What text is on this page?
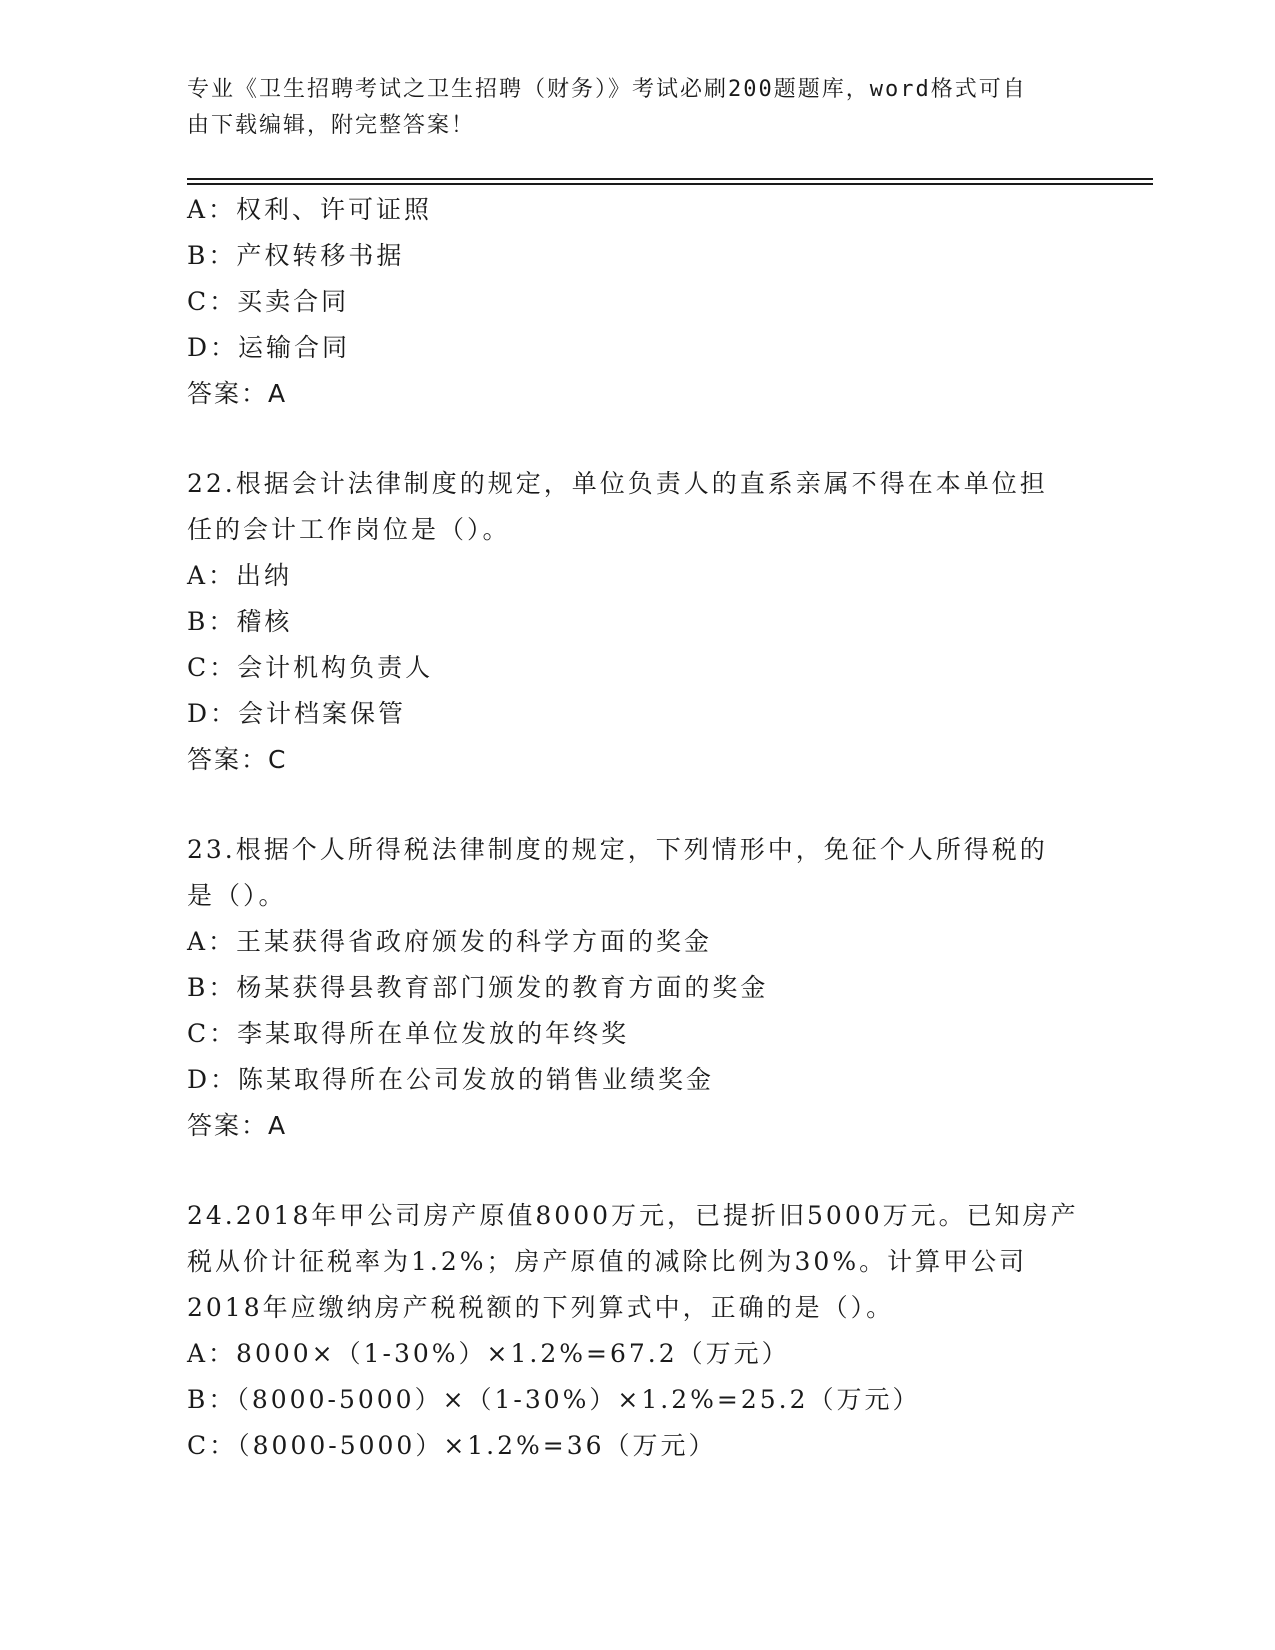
专业《卫生招聘考试之卫生招聘（财务）》考试必刷200题题库，word格式可自
由下载编辑，附完整答案！
A：权利、许可证照
B：产权转移书据
C：买卖合同
D：运输合同
答案：A
22.根据会计法律制度的规定，单位负责人的直系亲属不得在本单位担
任的会计工作岗位是（）。
A：出纳
B：稽核
C：会计机构负责人
D：会计档案保管
答案：C
23.根据个人所得税法律制度的规定，下列情形中，免征个人所得税的
是（）。
A：王某获得省政府颁发的科学方面的奖金
B：杨某获得县教育部门颁发的教育方面的奖金
C：李某取得所在单位发放的年终奖
D：陈某取得所在公司发放的销售业绩奖金
答案：A
24.2018年甲公司房产原值8000万元，已提折旧5000万元。已知房产
税从价计征税率为1.2%；房产原值的减除比例为30%。计算甲公司
2018年应缴纳房产税税额的下列算式中，正确的是（）。
A：8000×（1-30%）×1.2%=67.2（万元）
B：（8000-5000）×（1-30%）×1.2%=25.2（万元）
C：（8000-5000）×1.2%=36（万元）
